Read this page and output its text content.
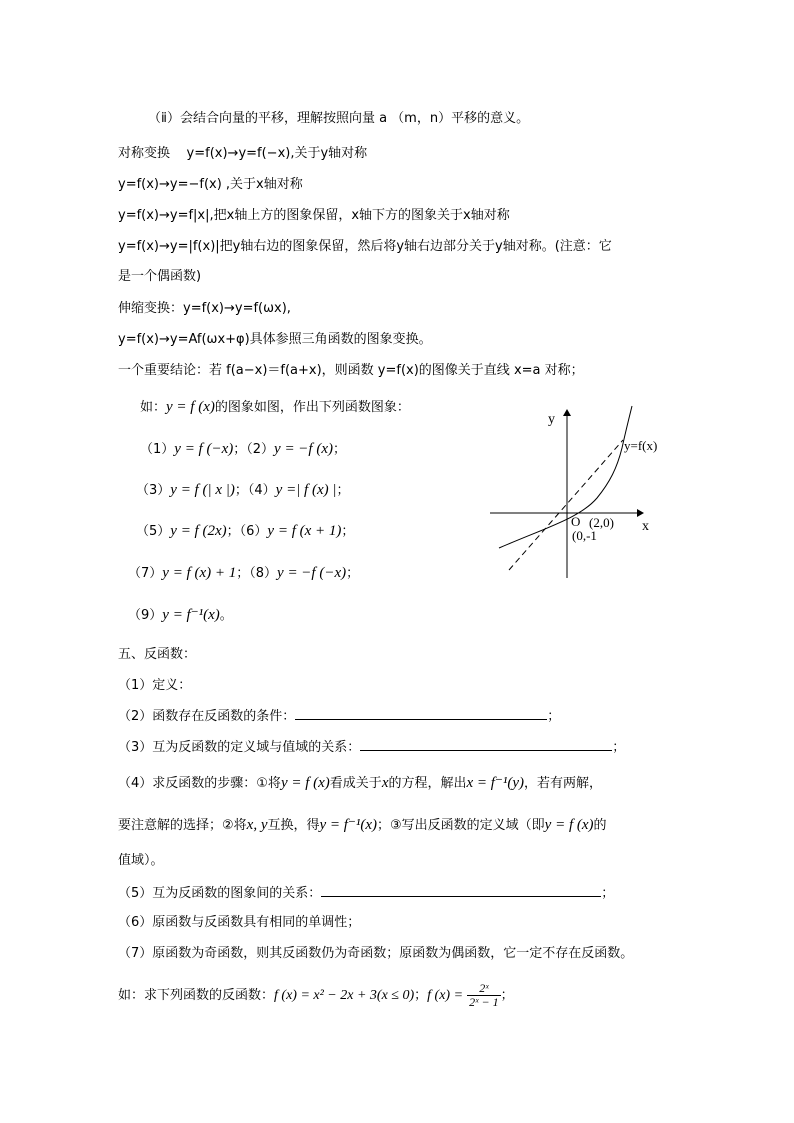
（ⅱ）会结合向量的平移，理解按照向量 a （m，n）平移的意义。
对称变换 y=f(x)→y=f(−x),关于y轴对称
y=f(x)→y=−f(x) ,关于x轴对称
y=f(x)→y=f|x|,把x轴上方的图象保留，x轴下方的图象关于x轴对称
y=f(x)→y=|f(x)|把y轴右边的图象保留，然后将y轴右边部分关于y轴对称。(注意：它
是一个偶函数)
伸缩变换：y=f(x)→y=f(ωx),
y=f(x)→y=Af(ωx+φ)具体参照三角函数的图象变换。
一个重要结论：若 f(a−x)＝f(a+x)，则函数 y=f(x)的图像关于直线 x=a 对称；
如：y = f (x)的图象如图，作出下列函数图象：
（1）y = f (−x)；（2）y = −f (x)；
（3）y = f (| x |)；（4）y =| f (x) |；
（5）y = f (2x)；（6）y = f (x + 1)；
（7）y = f (x) + 1；（8）y = −f (−x)；
（9）y = f⁻¹(x)。
y
x
y=f(x)
O (2,0)
(0,-1
五、反函数：
（1）定义：
（2）函数存在反函数的条件：	；
（3）互为反函数的定义域与值域的关系：	；
（4）求反函数的步骤：①将y = f (x)看成关于x的方程，解出x = f⁻¹(y)，若有两解，
要注意解的选择；②将x, y互换，得y = f⁻¹(x)；③写出反函数的定义域（即y = f (x)的
值域）。
（5）互为反函数的图象间的关系：	；
（6）原函数与反函数具有相同的单调性；
（7）原函数为奇函数，则其反函数仍为奇函数；原函数为偶函数，它一定不存在反函数。
如：求下列函数的反函数：f (x) = x² − 2x + 3(x ≤ 0)；f $(x) = \frac{\text{2ˣ}}{\text{2ˣ − 1}}$ ；
